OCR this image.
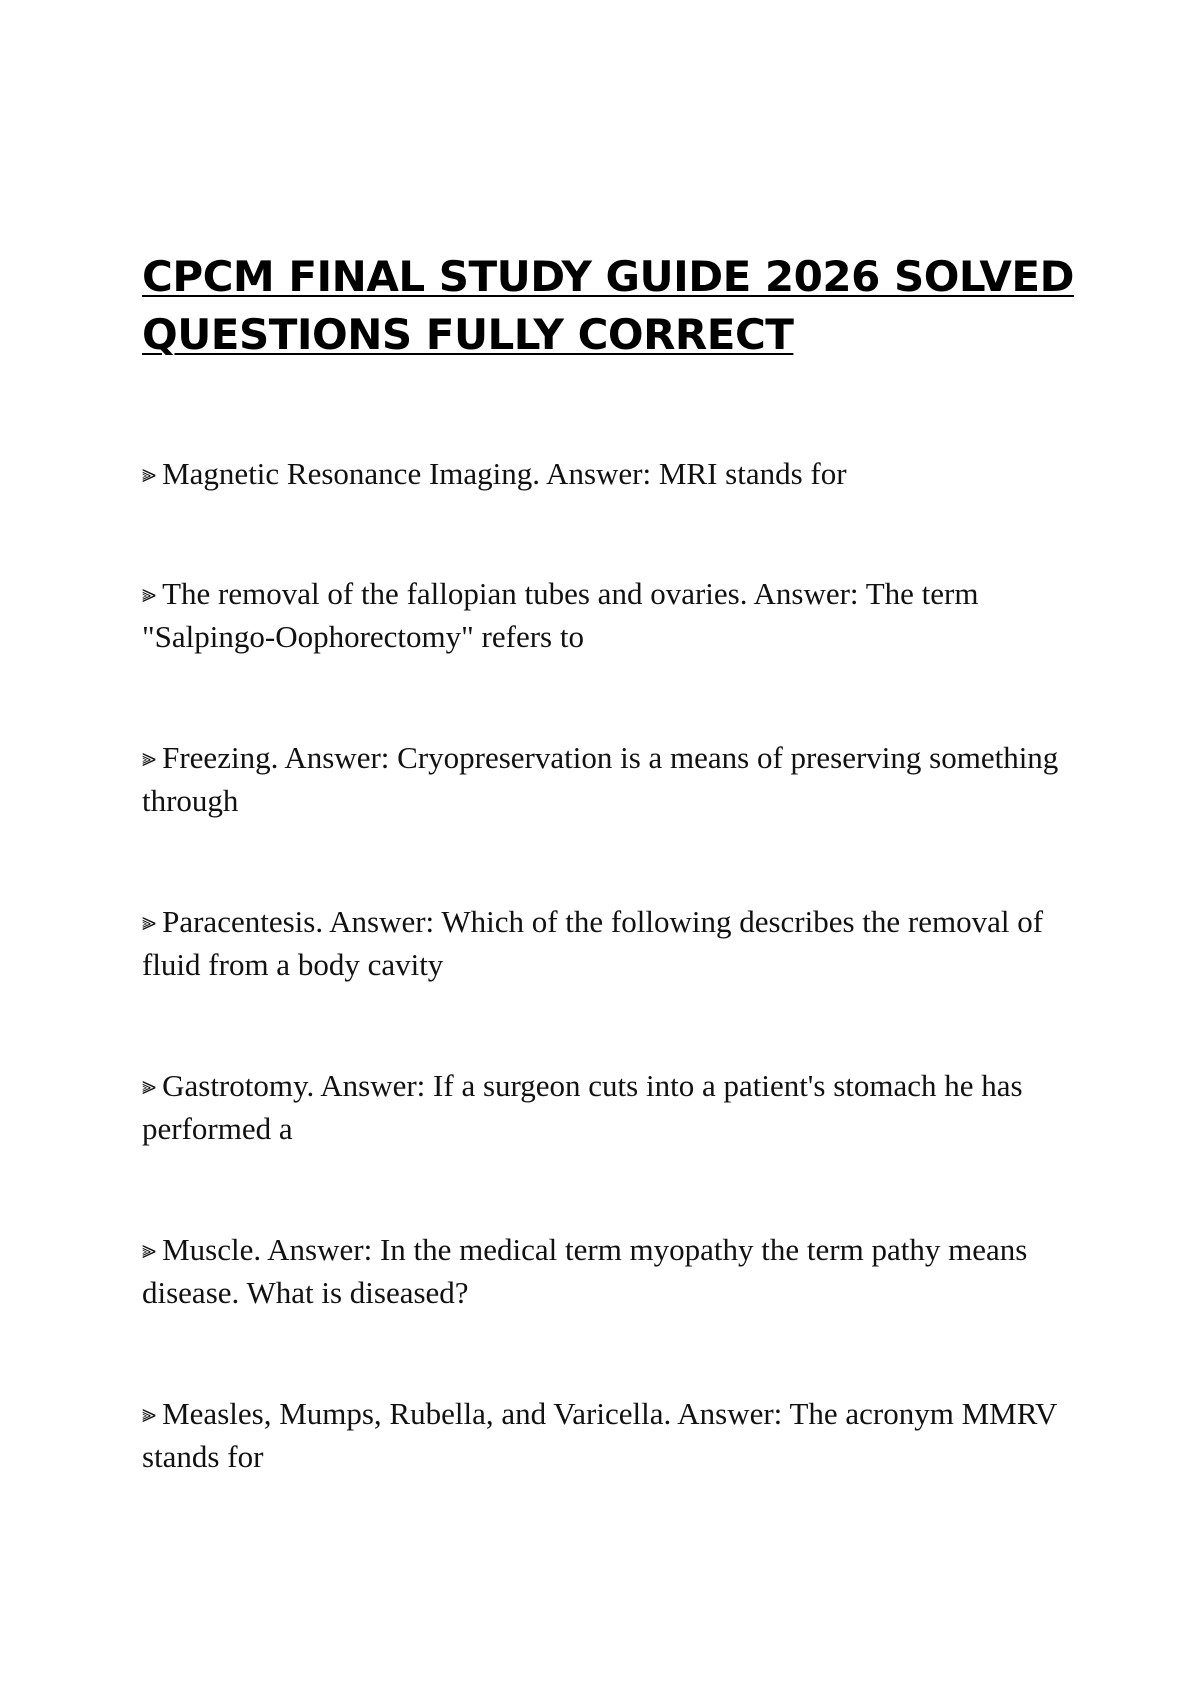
CPCM FINAL STUDY GUIDE 2026 SOLVED
QUESTIONS FULLY CORRECT
⫸ Magnetic Resonance Imaging. Answer: MRI stands for
⫸ The removal of the fallopian tubes and ovaries. Answer: The term "Salpingo-Oophorectomy" refers to
⫸ Freezing. Answer: Cryopreservation is a means of preserving something through
⫸ Paracentesis. Answer: Which of the following describes the removal of fluid from a body cavity
⫸ Gastrotomy. Answer: If a surgeon cuts into a patient's stomach he has performed a
⫸ Muscle. Answer: In the medical term myopathy the term pathy means disease. What is diseased?
⫸ Measles, Mumps, Rubella, and Varicella. Answer: The acronym MMRV stands for
